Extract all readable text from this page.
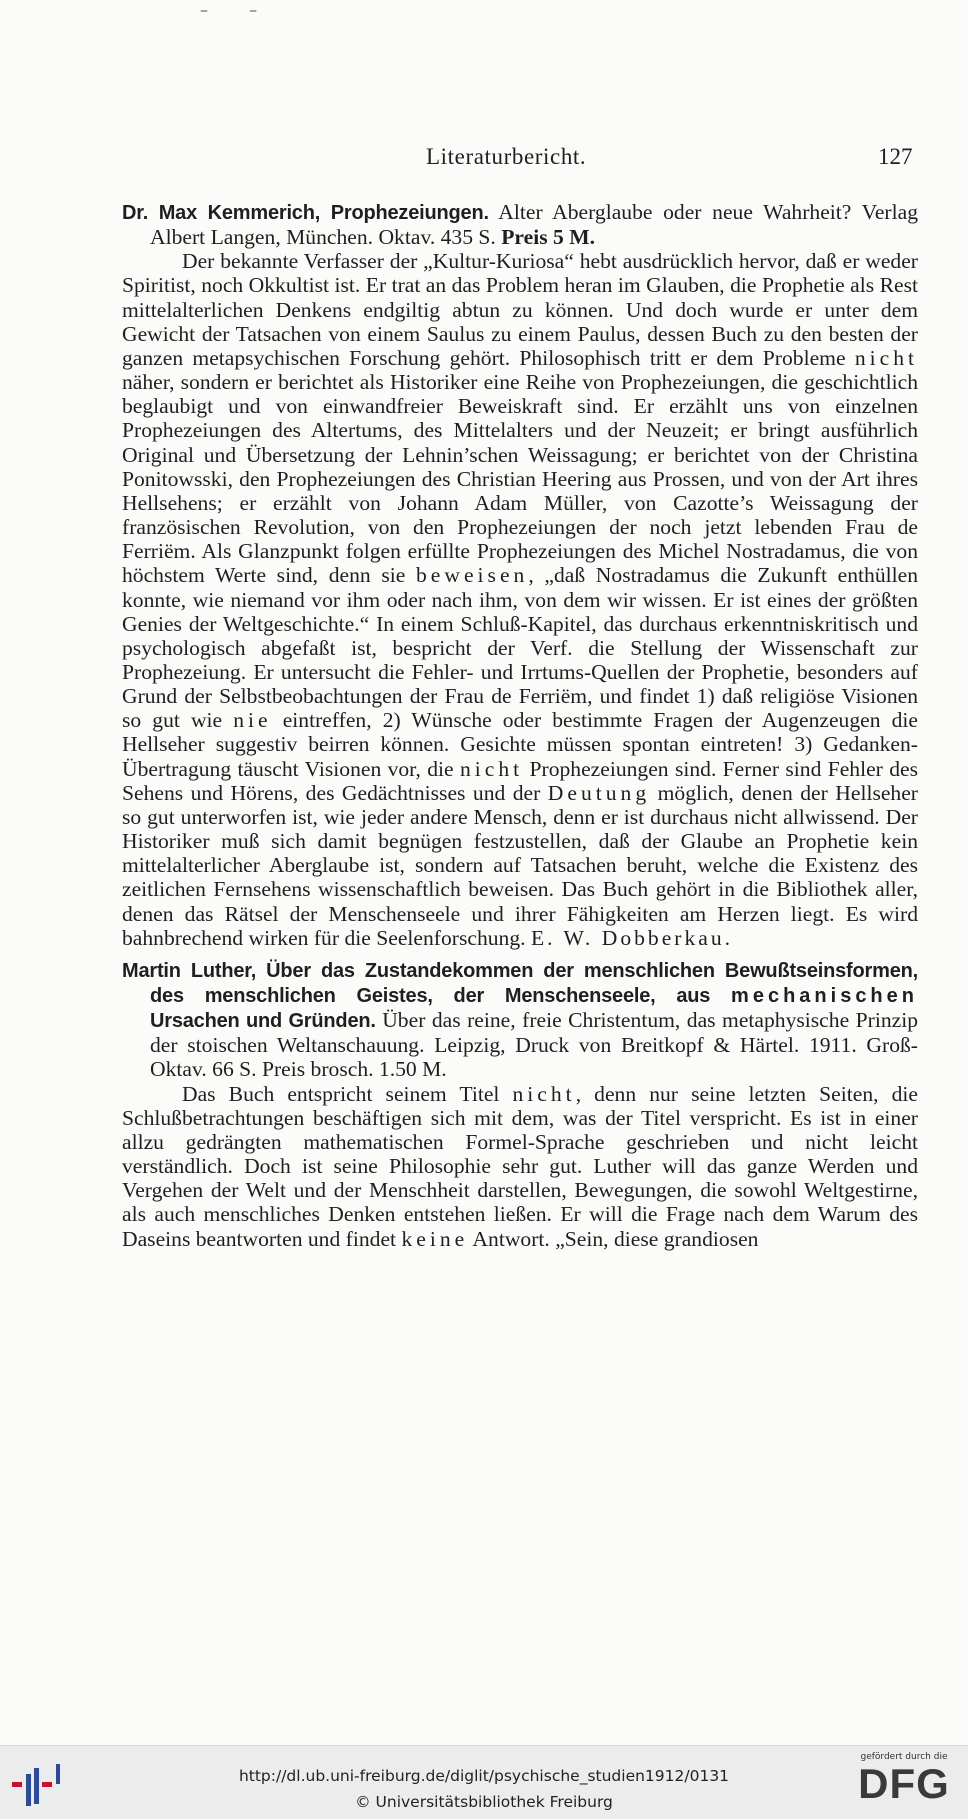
– –
Literaturbericht.	127

Dr. Max Kemmerich, Prophezeiungen. Alter Aberglaube oder neue Wahrheit? Verlag Albert Langen, München. Oktav. 435 S. Preis 5 M.

Der bekannte Verfasser der „Kultur-Kuriosa“ hebt ausdrücklich hervor, daß er weder Spiritist, noch Okkultist ist. Er trat an das Problem heran im Glauben, die Prophetie als Rest mittelalterlichen Denkens endgiltig abtun zu können. Und doch wurde er unter dem Gewicht der Tatsachen von einem Saulus zu einem Paulus, dessen Buch zu den besten der ganzen metapsychischen Forschung gehört. Philosophisch tritt er dem Probleme nicht näher, sondern er berichtet als Historiker eine Reihe von Prophezeiungen, die geschichtlich beglaubigt und von einwandfreier Beweiskraft sind. Er erzählt uns von einzelnen Prophezeiungen des Altertums, des Mittelalters und der Neuzeit; er bringt ausführlich Original und Übersetzung der Lehnin’schen Weissagung; er berichtet von der Christina Ponitowsski, den Prophezeiungen des Christian Heering aus Prossen, und von der Art ihres Hellsehens; er erzählt von Johann Adam Müller, von Cazotte’s Weissagung der französischen Revolution, von den Prophezeiungen der noch jetzt lebenden Frau de Ferriëm. Als Glanzpunkt folgen erfüllte Prophezeiungen des Michel Nostradamus, die von höchstem Werte sind, denn sie beweisen, „daß Nostradamus die Zukunft enthüllen konnte, wie niemand vor ihm oder nach ihm, von dem wir wissen. Er ist eines der größten Genies der Weltgeschichte.“ In einem Schluß-Kapitel, das durchaus erkenntniskritisch und psychologisch abgefaßt ist, bespricht der Verf. die Stellung der Wissenschaft zur Prophezeiung. Er untersucht die Fehler- und Irrtums-Quellen der Prophetie, besonders auf Grund der Selbstbeobachtungen der Frau de Ferriëm, und findet 1) daß religiöse Visionen so gut wie nie eintreffen, 2) Wünsche oder bestimmte Fragen der Augenzeugen die Hellseher suggestiv beirren können. Gesichte müssen spontan eintreten! 3) Gedanken-Übertragung täuscht Visionen vor, die nicht Prophezeiungen sind. Ferner sind Fehler des Sehens und Hörens, des Gedächtnisses und der Deutung möglich, denen der Hellseher so gut unterworfen ist, wie jeder andere Mensch, denn er ist durchaus nicht allwissend. Der Historiker muß sich damit begnügen festzustellen, daß der Glaube an Prophetie kein mittelalterlicher Aberglaube ist, sondern auf Tatsachen beruht, welche die Existenz des zeitlichen Fernsehens wissenschaftlich beweisen. Das Buch gehört in die Bibliothek aller, denen das Rätsel der Menschenseele und ihrer Fähigkeiten am Herzen liegt. Es wird bahnbrechend wirken für die Seelenforschung. E. W. Dobberkau.

Martin Luther, Über das Zustandekommen der menschlichen Bewußtseinsformen, des menschlichen Geistes, der Menschenseele, aus mechanischen Ursachen und Gründen. Über das reine, freie Christentum, das metaphysische Prinzip der stoischen Weltanschauung. Leipzig, Druck von Breitkopf & Härtel. 1911. Groß-Oktav. 66 S. Preis brosch. 1.50 M.

Das Buch entspricht seinem Titel nicht, denn nur seine letzten Seiten, die Schlußbetrachtungen beschäftigen sich mit dem, was der Titel verspricht. Es ist in einer allzu gedrängten mathematischen Formel-Sprache geschrieben und nicht leicht verständlich. Doch ist seine Philosophie sehr gut. Luther will das ganze Werden und Vergehen der Welt und der Menschheit darstellen, Bewegungen, die sowohl Weltgestirne, als auch menschliches Denken entstehen ließen. Er will die Frage nach dem Warum des Daseins beantworten und findet keine Antwort. „Sein, diese grandiosen

http://dl.ub.uni-freiburg.de/diglit/psychische_studien1912/0131
© Universitätsbibliothek Freiburg
gefördert durch die
DFG
